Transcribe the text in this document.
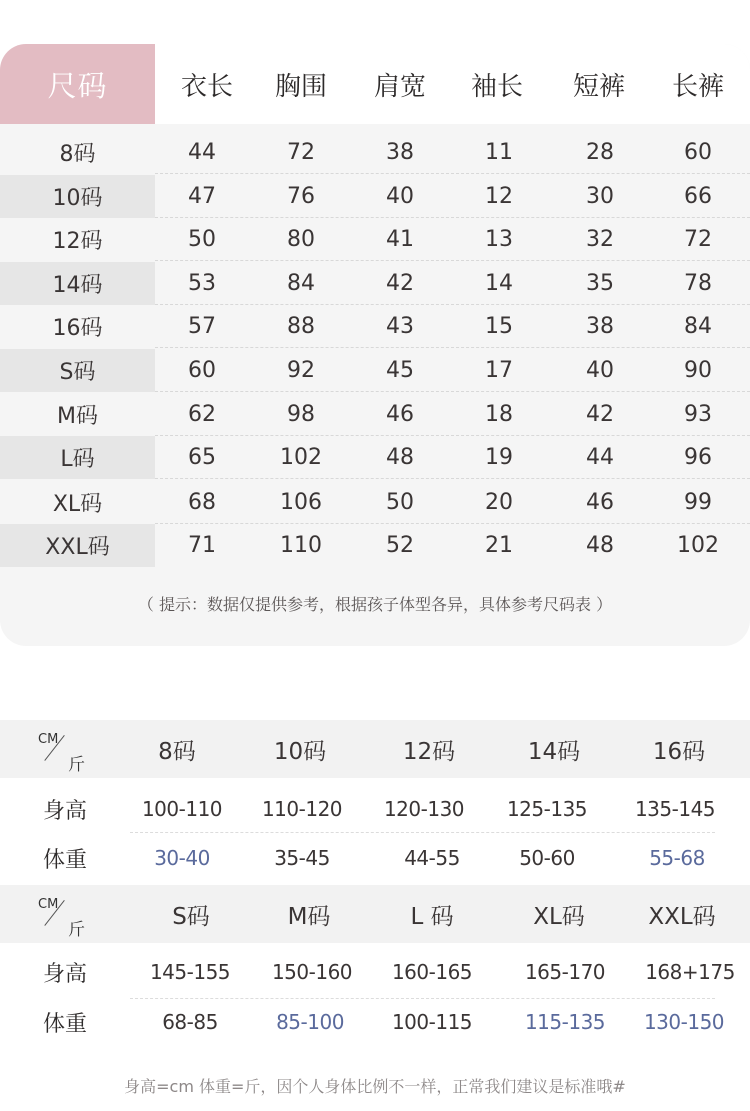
尺码	衣长	胸围	肩宽	袖长	短裤	长裤
8码	44	72	38	11	28	60
10码	47	76	40	12	30	66
12码	50	80	41	13	32	72
14码	53	84	42	14	35	78
16码	57	88	43	15	38	84
S码	60	92	45	17	40	90
M码	62	98	46	18	42	93
L码	65	102	48	19	44	96
XL码	68	106	50	20	46	99
XXL码	71	110	52	21	48	102
（ 提示：数据仅提供参考，根据孩子体型各异，具体参考尺码表 ）
CM
斤
8码	10码	12码	14码	16码
身高	100-110	110-120	120-130	125-135	135-145
体重	30-40	35-45	44-55	50-60	55-68
CM
斤
S码	M码	L 码	XL码	XXL码
身高	145-155	150-160	160-165	165-170	168+175
体重	68-85	85-100	100-115	115-135	130-150
身高=cm 体重=斤，因个人身体比例不一样，正常我们建议是标准哦#
